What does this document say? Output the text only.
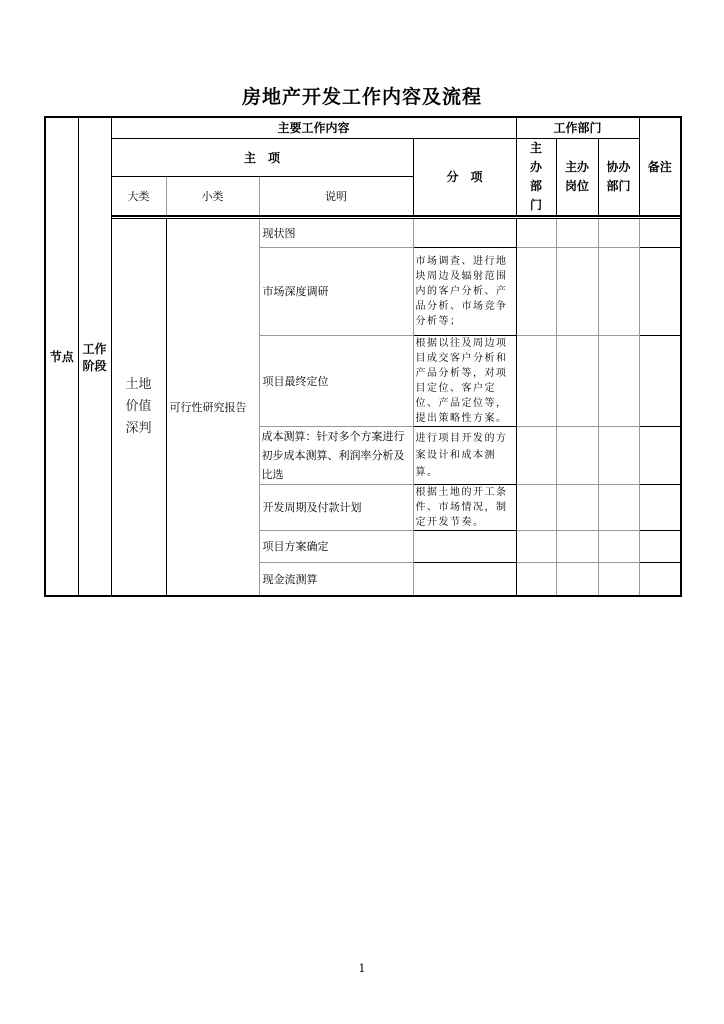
房地产开发工作内容及流程
节点	工作阶段	主要工作内容				工作部门			备注
		主　项			分　项	主办部门	主办岗位	协办部门	
		大类	小类	说明					

		土地价值深判	可行性研究报告	现状图					
				市场深度调研	市场调查、进行地块周边及辐射范围内的客户分析、产品分析、市场竞争分析等；				
				项目最终定位	根据以往及周边项目成交客户分析和产品分析等，对项目定位、客户定位、产品定位等，提出策略性方案。				
				成本测算：针对多个方案进行初步成本测算、利润率分析及比选	进行项目开发的方案设计和成本测算。				
				开发周期及付款计划	根据土地的开工条件、市场情况，制定开发节奏。				
				项目方案确定					
				现金流测算					
1
